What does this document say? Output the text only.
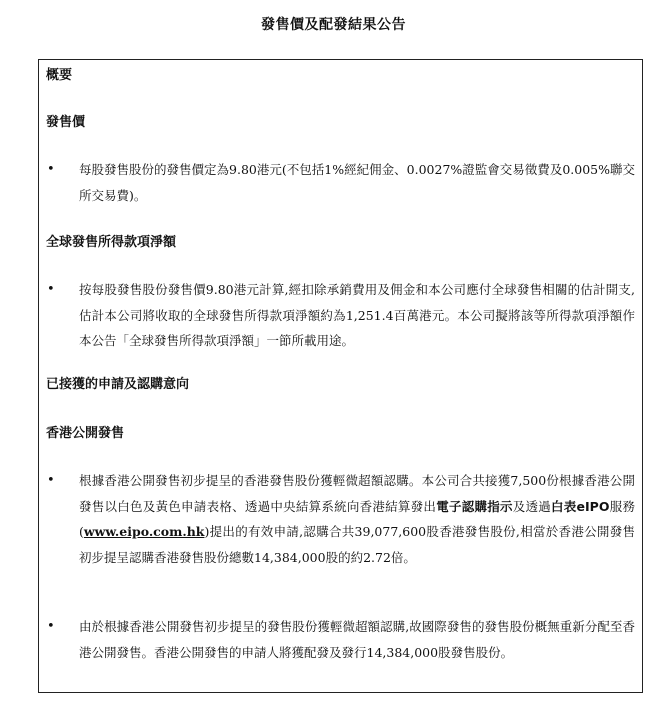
發售價及配發結果公告
概要
發售價
• 每股發售股份的發售價定為9.80港元(不包括1%經紀佣金、0.0027%證監會交易徵費及0.005%聯交所交易費)。

全球發售所得款項淨額
• 按每股發售股份發售價9.80港元計算,經扣除承銷費用及佣金和本公司應付全球發售相關的估計開支,估計本公司將收取的全球發售所得款項淨額約為1,251.4百萬港元。本公司擬將該等所得款項淨額作本公告「全球發售所得款項淨額」一節所載用途。

已接獲的申請及認購意向
香港公開發售
• 根據香港公開發售初步提呈的香港發售股份獲輕微超額認購。本公司合共接獲7,500份根據香港公開發售以白色及黃色申請表格、透過中央結算系統向香港結算發出電子認購指示及透過白表eIPO服務(www.eipo.com.hk)提出的有效申請,認購合共39,077,600股香港發售股份,相當於香港公開發售初步提呈認購香港發售股份總數14,384,000股的約2.72倍。

• 由於根據香港公開發售初步提呈的發售股份獲輕微超額認購,故國際發售的發售股份概無重新分配至香港公開發售。香港公開發售的申請人將獲配發及發行14,384,000股發售股份。
